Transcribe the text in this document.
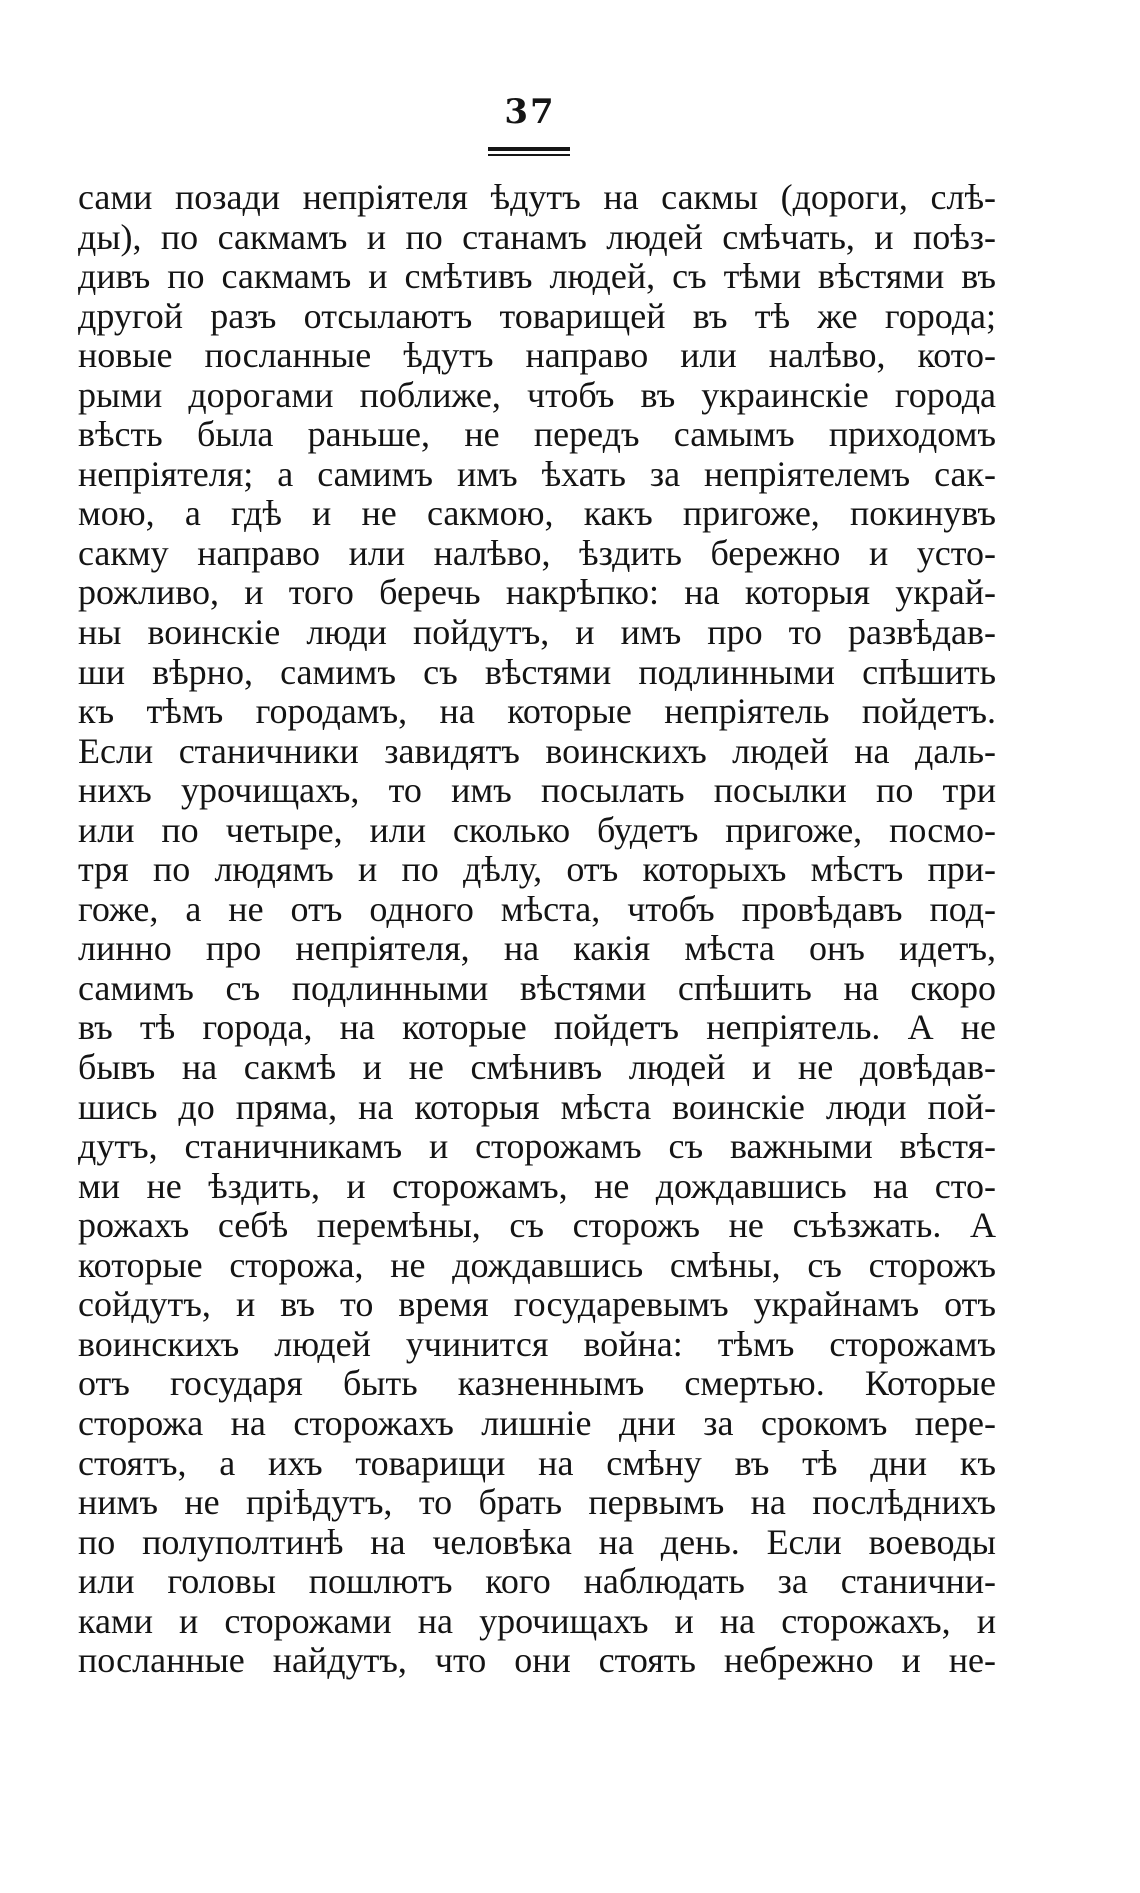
37
сами позади непріятеля ѣдутъ на сакмы (дороги, слѣ-
ды), по сакмамъ и по станамъ людей смѣчать, и поѣз-
дивъ по сакмамъ и смѣтивъ людей, съ тѣми вѣстями въ
другой разъ отсылаютъ товарищей въ тѣ же города;
новые посланные ѣдутъ направо или налѣво, кото-
рыми дорогами поближе, чтобъ въ украинскіе города
вѣсть была раньше, не передъ самымъ приходомъ
непріятеля; а самимъ имъ ѣхать за непріятелемъ сак-
мою, а гдѣ и не сакмою, какъ пригоже, покинувъ
сакму направо или налѣво, ѣздить бережно и усто-
рожливо, и того беречь накрѣпко: на которыя украй-
ны воинскіе люди пойдутъ, и имъ про то развѣдав-
ши вѣрно, самимъ съ вѣстями подлинными спѣшить
къ тѣмъ городамъ, на которые непріятель пойдетъ.
Если станичники завидятъ воинскихъ людей на даль-
нихъ урочищахъ, то имъ посылать посылки по три
или по четыре, или сколько будетъ пригоже, посмо-
тря по людямъ и по дѣлу, отъ которыхъ мѣстъ при-
гоже, а не отъ одного мѣста, чтобъ провѣдавъ под-
линно про непріятеля, на какія мѣста онъ идетъ,
самимъ съ подлинными вѣстями спѣшить на скоро
въ тѣ города, на которые пойдетъ непріятель. А не
бывъ на сакмѣ и не смѣнивъ людей и не довѣдав-
шись до пряма, на которыя мѣста воинскіе люди пой-
дутъ, станичникамъ и сторожамъ съ важными вѣстя-
ми не ѣздить, и сторожамъ, не дождавшись на сто-
рожахъ себѣ перемѣны, съ сторожъ не съѣзжать. А
которые сторожа, не дождавшись смѣны, съ сторожъ
сойдутъ, и въ то время государевымъ украйнамъ отъ
воинскихъ людей учинится война: тѣмъ сторожамъ
отъ государя быть казненнымъ смертью. Которые
сторожа на сторожахъ лишніе дни за срокомъ пере-
стоятъ, а ихъ товарищи на смѣну въ тѣ дни къ
нимъ не пріѣдутъ, то брать первымъ на послѣднихъ
по полуполтинѣ на человѣка на день. Если воеводы
или головы пошлютъ кого наблюдать за станични-
ками и сторожами на урочищахъ и на сторожахъ, и
посланные найдутъ, что они стоять небрежно и не-
